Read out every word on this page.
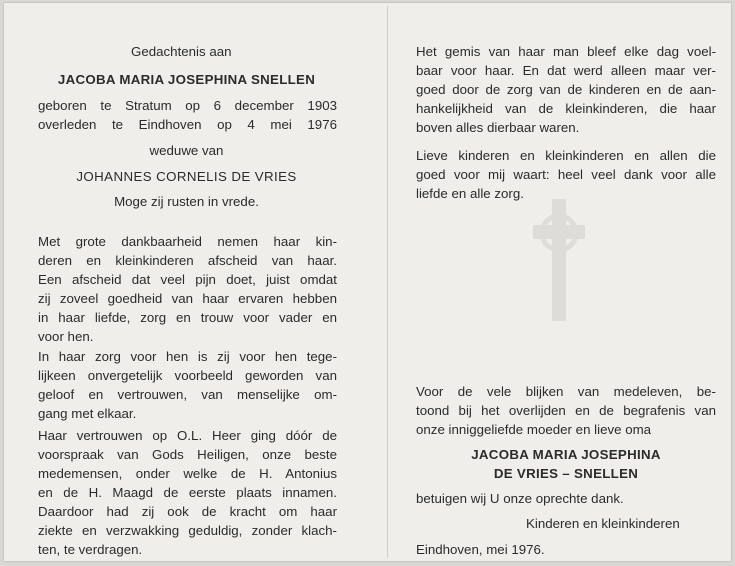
Gedachtenis aan
JACOBA MARIA JOSEPHINA SNELLEN
geboren te Stratum op 6 december 1903
overleden te Eindhoven op 4 mei 1976
weduwe van
JOHANNES CORNELIS DE VRIES
Moge zij rusten in vrede.

Met grote dankbaarheid nemen haar kin-

deren en kleinkinderen afscheid van haar.

Een afscheid dat veel pijn doet, juist omdat

zij zoveel goedheid van haar ervaren hebben

in haar liefde, zorg en trouw voor vader en

voor hen.

In haar zorg voor hen is zij voor hen tege-

lijkeen onvergetelijk voorbeeld geworden van

geloof en vertrouwen, van menselijke om-

gang met elkaar.

Haar vertrouwen op O.L. Heer ging dóór de

voorspraak van Gods Heiligen, onze beste

medemensen, onder welke de H. Antonius

en de H. Maagd de eerste plaats innamen.

Daardoor had zij ook de kracht om haar

ziekte en verzwakking geduldig, zonder klach-

ten, te verdragen.

Het gemis van haar man bleef elke dag voel-

baar voor haar. En dat werd alleen maar ver-

goed door de zorg van de kinderen en de aan-

hankelijkheid van de kleinkinderen, die haar

boven alles dierbaar waren.

Lieve kinderen en kleinkinderen en allen die

goed voor mij waart: heel veel dank voor alle

liefde en alle zorg.

Voor de vele blijken van medeleven, be-

toond bij het overlijden en de begrafenis van

onze inniggeliefde moeder en lieve oma

JACOBA MARIA JOSEPHINA
DE VRIES – SNELLEN
betuigen wij U onze oprechte dank.
Kinderen en kleinkinderen
Eindhoven, mei 1976.
